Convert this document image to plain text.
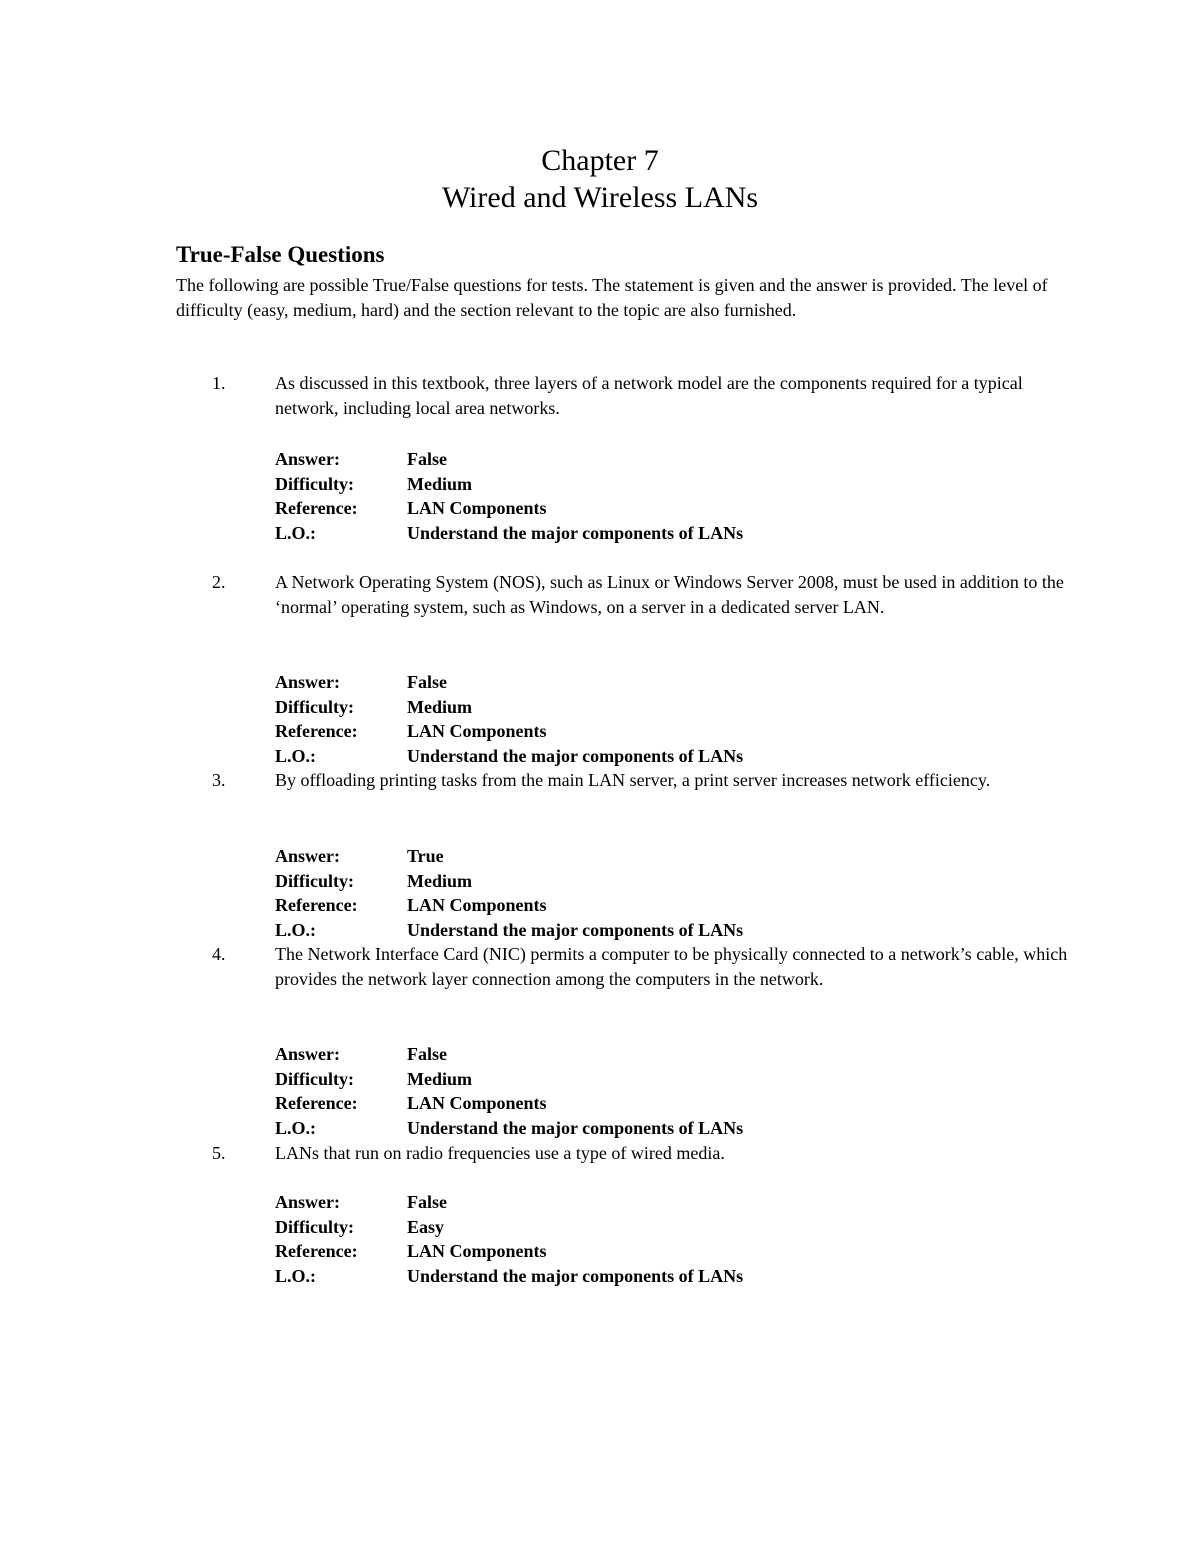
Chapter 7
Wired and Wireless LANs
True-False Questions
The following are possible True/False questions for tests. The statement is given and the answer is provided. The level of difficulty (easy, medium, hard) and the section relevant to the topic are also furnished.
1.	As discussed in this textbook, three layers of a network model are the components required for a typical network, including local area networks.
Answer:	False
Difficulty:	Medium
Reference:	LAN Components
L.O.:	Understand the major components of LANs
2.	A Network Operating System (NOS), such as Linux or Windows Server 2008, must be used in addition to the ‘normal’ operating system, such as Windows, on a server in a dedicated server LAN.
Answer:	False
Difficulty:	Medium
Reference:	LAN Components
L.O.:	Understand the major components of LANs
3.	By offloading printing tasks from the main LAN server, a print server increases network efficiency.
Answer:	True
Difficulty:	Medium
Reference:	LAN Components
L.O.:	Understand the major components of LANs
4.	The Network Interface Card (NIC) permits a computer to be physically connected to a network’s cable, which provides the network layer connection among the computers in the network.
Answer:	False
Difficulty:	Medium
Reference:	LAN Components
L.O.:	Understand the major components of LANs
5.	LANs that run on radio frequencies use a type of wired media.
Answer:	False
Difficulty:	Easy
Reference:	LAN Components
L.O.:	Understand the major components of LANs
